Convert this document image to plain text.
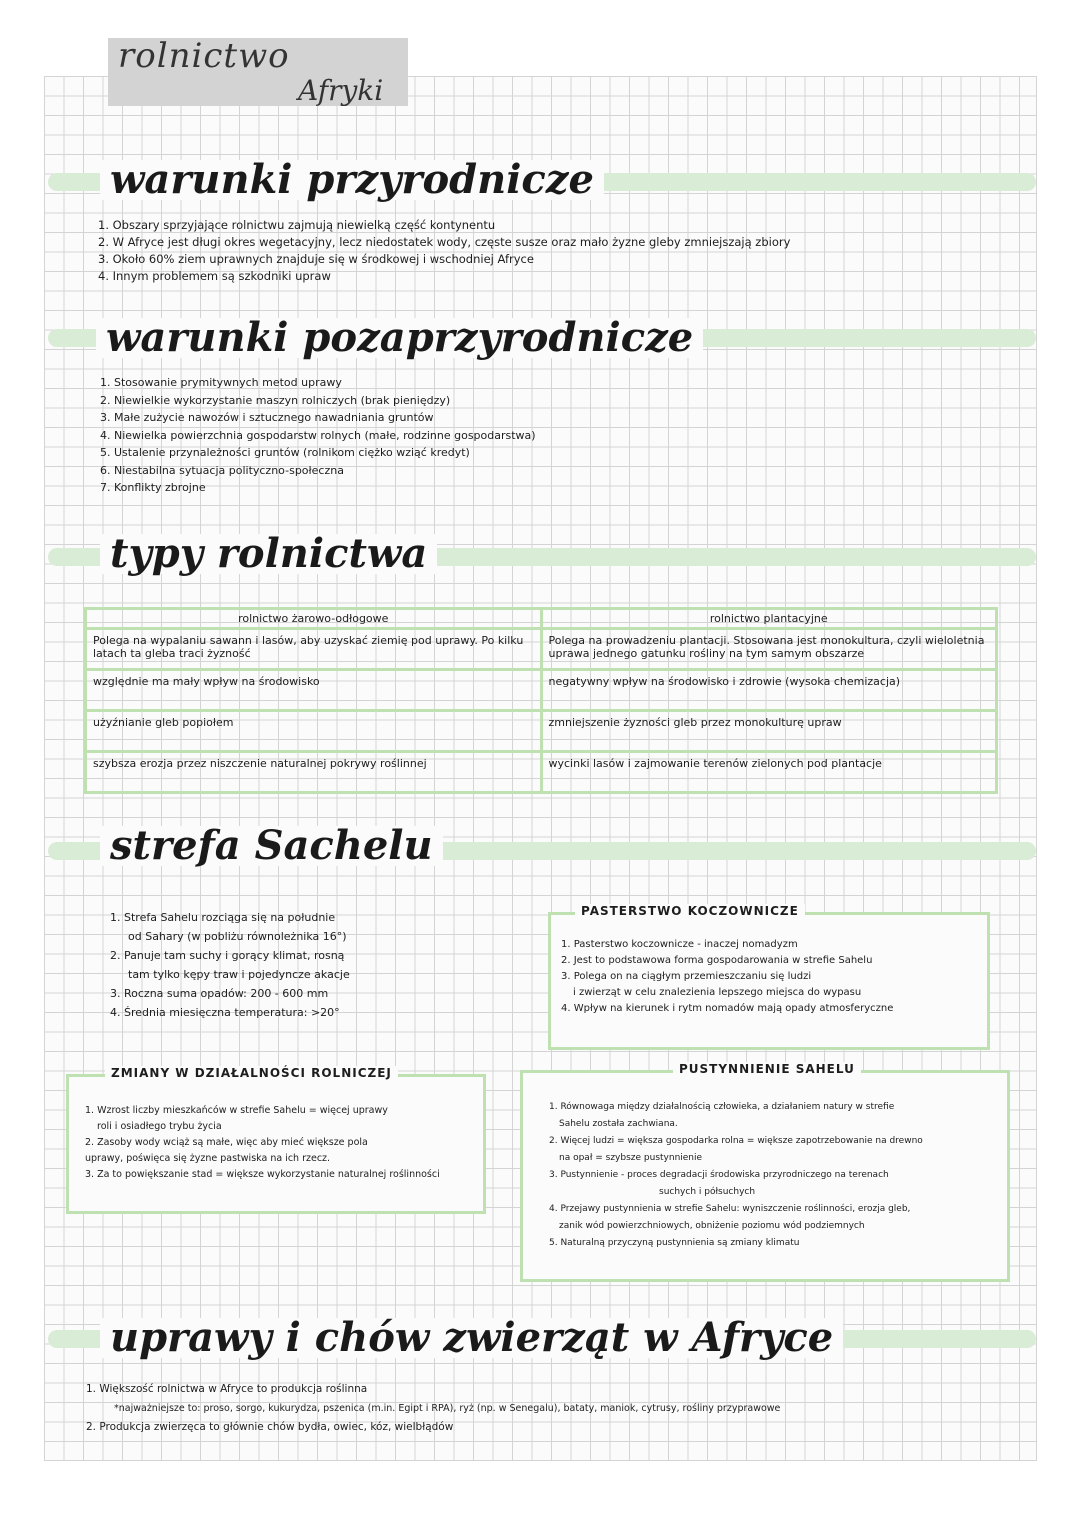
rolnictwo
Afryki
warunki przyrodnicze
1. Obszary sprzyjające rolnictwu zajmują niewielką część kontynentu
2. W Afryce jest długi okres wegetacyjny, lecz niedostatek wody, częste susze oraz mało żyzne gleby zmniejszają zbiory
3. Około 60% ziem uprawnych znajduje się w środkowej i wschodniej Afryce
4. Innym problemem są szkodniki upraw
warunki pozaprzyrodnicze
1. Stosowanie prymitywnych metod uprawy
2. Niewielkie wykorzystanie maszyn rolniczych (brak pieniędzy)
3. Małe zużycie nawozów i sztucznego nawadniania gruntów
4. Niewielka powierzchnia gospodarstw rolnych (małe, rodzinne gospodarstwa)
5. Ustalenie przynależności gruntów (rolnikom ciężko wziąć kredyt)
6. Niestabilna sytuacja polityczno-społeczna
7. Konflikty zbrojne
typy rolnictwa
rolnictwo żarowo-odłogowe	rolnictwo plantacyjne
Polega na wypalaniu sawann i lasów, aby uzyskać ziemię pod uprawy. Po kilku latach ta gleba traci żyzność	Polega na prowadzeniu plantacji. Stosowana jest monokultura, czyli wieloletnia uprawa jednego gatunku rośliny na tym samym obszarze
względnie ma mały wpływ na środowisko	negatywny wpływ na środowisko i zdrowie (wysoka chemizacja)
użyźnianie gleb popiołem	zmniejszenie żyzności gleb przez monokulturę upraw
szybsza erozja przez niszczenie naturalnej pokrywy roślinnej	wycinki lasów i zajmowanie terenów zielonych pod plantacje
strefa Sachelu
1. Strefa Sahelu rozciąga się na południe
od Sahary (w pobliżu równoleżnika 16°)
2. Panuje tam suchy i gorący klimat, rosną
tam tylko kępy traw i pojedyncze akacje
3. Roczna suma opadów: 200 - 600 mm
4. Średnia miesięczna temperatura: >20°
PASTERSTWO KOCZOWNICZE
1. Pasterstwo koczownicze - inaczej nomadyzm
2. Jest to podstawowa forma gospodarowania w strefie Sahelu
3. Polega on na ciągłym przemieszczaniu się ludzi
i zwierząt w celu znalezienia lepszego miejsca do wypasu
4. Wpływ na kierunek i rytm nomadów mają opady atmosferyczne
ZMIANY W DZIAŁALNOŚCI ROLNICZEJ
1. Wzrost liczby mieszkańców w strefie Sahelu = więcej uprawy
roli i osiadłego trybu życia
2. Zasoby wody wciąż są małe, więc aby mieć większe pola
uprawy, poświęca się żyzne pastwiska na ich rzecz.
3. Za to powiększanie stad = większe wykorzystanie naturalnej roślinności
PUSTYNNIENIE SAHELU
1. Równowaga między działalnością człowieka, a działaniem natury w strefie
Sahelu została zachwiana.
2. Więcej ludzi = większa gospodarka rolna = większe zapotrzebowanie na drewno
na opał = szybsze pustynnienie
3. Pustynnienie - proces degradacji środowiska przyrodniczego na terenach
suchych i półsuchych
4. Przejawy pustynnienia w strefie Sahelu: wyniszczenie roślinności, erozja gleb,
zanik wód powierzchniowych, obniżenie poziomu wód podziemnych
5. Naturalną przyczyną pustynnienia są zmiany klimatu
uprawy i chów zwierząt w Afryce
1. Większość rolnictwa w Afryce to produkcja roślinna
*najważniejsze to: proso, sorgo, kukurydza, pszenica (m.in. Egipt i RPA), ryż (np. w Senegalu), bataty, maniok, cytrusy, rośliny przyprawowe
2. Produkcja zwierzęca to głównie chów bydła, owiec, kóz, wielbłądów
